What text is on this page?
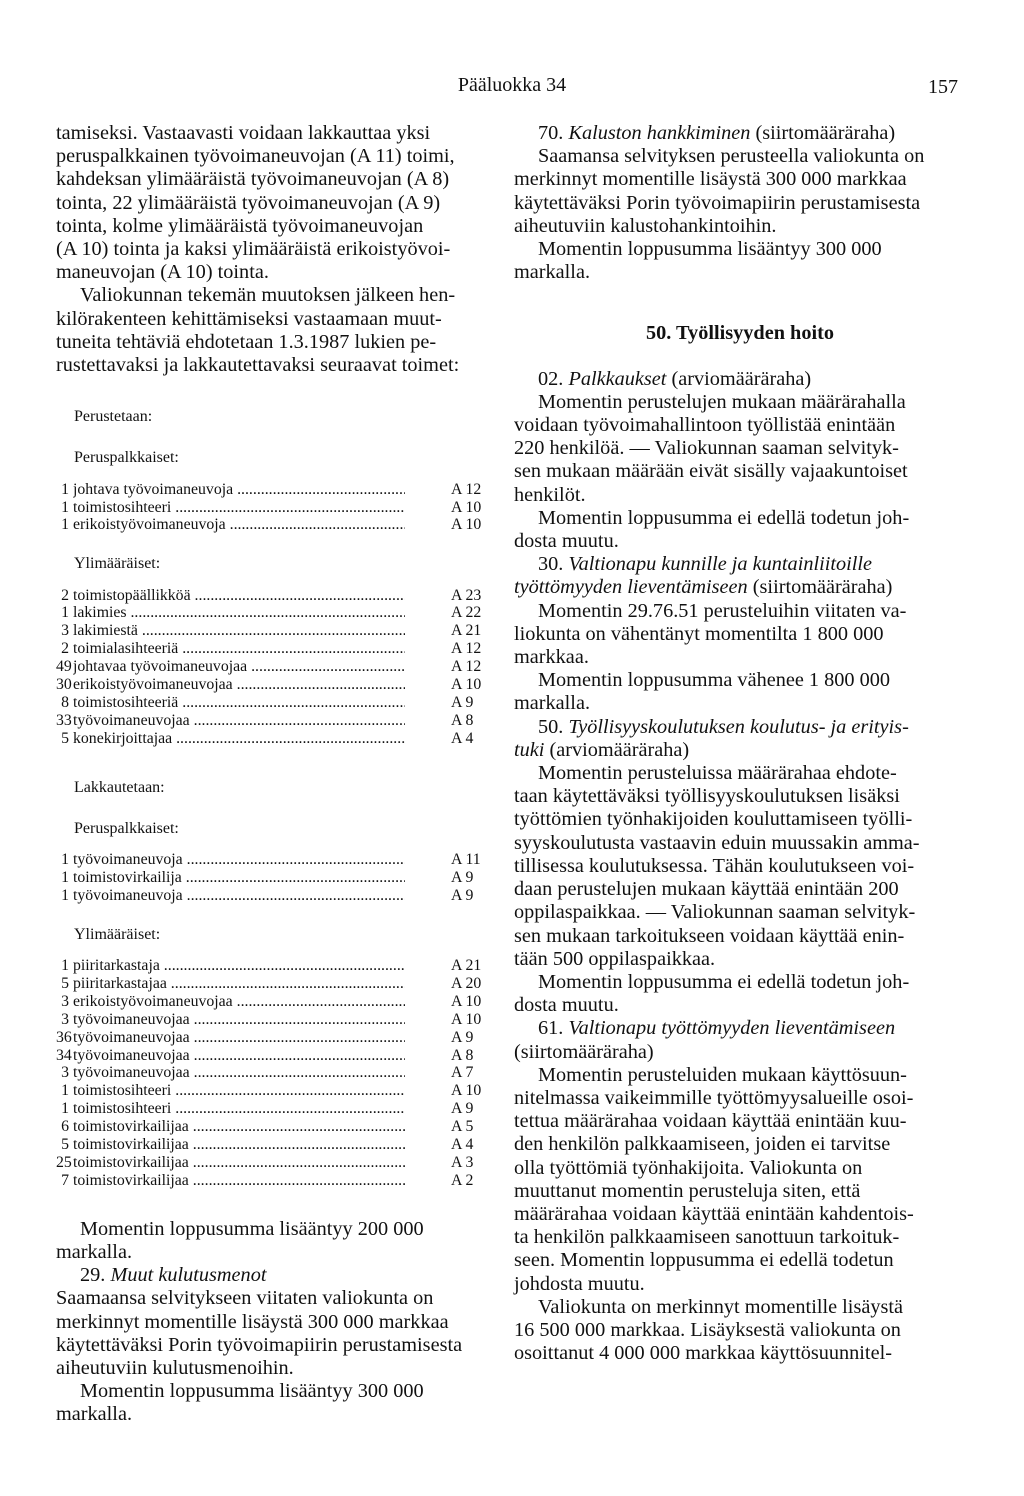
Pääluokka 34	157

tamiseksi. Vastaavasti voidaan lakkauttaa yksi

peruspalkkainen työvoimaneuvojan (A 11) toimi,

kahdeksan ylimääräistä työvoimaneuvojan (A 8)

tointa, 22 ylimääräistä työvoimaneuvojan (A 9)

tointa, kolme ylimääräistä työvoimaneuvojan

(A 10) tointa ja kaksi ylimääräistä erikoistyövoi-

maneuvojan (A 10) tointa.

Valiokunnan tekemän muutoksen jälkeen hen-

kilörakenteen kehittämiseksi vastaamaan muut-

tuneita tehtäviä ehdotetaan 1.3.1987 lukien pe-

rustettavaksi ja lakkautettavaksi seuraavat toimet:

Perustetaan:
Peruspalkkaiset:
1 johtava työvoimaneuvoja .....	A 12
1 toimistosihteeri .....	A 10
1 erikoistyövoimaneuvoja .....	A 10
Ylimääräiset:
2 toimistopäällikköä .....	A 23
1 lakimies .....	A 22
3 lakimiestä .....	A 21
2 toimialasihteeriä .....	A 12
49 johtavaa työvoimaneuvojaa .....	A 12
30 erikoistyövoimaneuvojaa .....	A 10
8 toimistosihteeriä .....	A 9
33 työvoimaneuvojaa .....	A 8
5 konekirjoittajaa .....	A 4
Lakkautetaan:
Peruspalkkaiset:
1 työvoimaneuvoja .....	A 11
1 toimistovirkailija .....	A 9
1 työvoimaneuvoja .....	A 9
Ylimääräiset:
1 piiritarkastaja .....	A 21
5 piiritarkastajaa .....	A 20
3 erikoistyövoimaneuvojaa .....	A 10
3 työvoimaneuvojaa .....	A 10
36 työvoimaneuvojaa .....	A 9
34 työvoimaneuvojaa .....	A 8
3 työvoimaneuvojaa .....	A 7
1 toimistosihteeri .....	A 10
1 toimistosihteeri .....	A 9
6 toimistovirkailijaa .....	A 5
5 toimistovirkailijaa .....	A 4
25 toimistovirkailijaa .....	A 3
7 toimistovirkailijaa .....	A 2

Momentin loppusumma lisääntyy 200 000

markalla.

29. Muut kulutusmenot

Saamaansa selvitykseen viitaten valiokunta on

merkinnyt momentille lisäystä 300 000 markkaa

käytettäväksi Porin työvoimapiirin perustamisesta

aiheutuviin kulutusmenoihin.

Momentin loppusumma lisääntyy 300 000

markalla.

70. Kaluston hankkiminen (siirtomääräraha)

Saamansa selvityksen perusteella valiokunta on

merkinnyt momentille lisäystä 300 000 markkaa

käytettäväksi Porin työvoimapiirin perustamisesta

aiheutuviin kalustohankintoihin.

Momentin loppusumma lisääntyy 300 000

markalla.

50. Työllisyyden hoito

02. Palkkaukset (arviomääräraha)

Momentin perustelujen mukaan määrärahalla

voidaan työvoimahallintoon työllistää enintään

220 henkilöä. — Valiokunnan saaman selvityk-

sen mukaan määrään eivät sisälly vajaakuntoiset

henkilöt.

Momentin loppusumma ei edellä todetun joh-

dosta muutu.

30. Valtionapu kunnille ja kuntainliitoille

työttömyyden lieventämiseen (siirtomääräraha)

Momentin 29.76.51 perusteluihin viitaten va-

liokunta on vähentänyt momentilta 1 800 000

markkaa.

Momentin loppusumma vähenee 1 800 000

markalla.

50. Työllisyyskoulutuksen koulutus- ja erityis-

tuki (arviomääräraha)

Momentin perusteluissa määrärahaa ehdote-

taan käytettäväksi työllisyyskoulutuksen lisäksi

työttömien työnhakijoiden kouluttamiseen työlli-

syyskoulutusta vastaavin eduin muussakin amma-

tillisessa koulutuksessa. Tähän koulutukseen voi-

daan perustelujen mukaan käyttää enintään 200

oppilaspaikkaa. — Valiokunnan saaman selvityk-

sen mukaan tarkoitukseen voidaan käyttää enin-

tään 500 oppilaspaikkaa.

Momentin loppusumma ei edellä todetun joh-

dosta muutu.

61. Valtionapu työttömyyden lieventämiseen

(siirtomääräraha)

Momentin perusteluiden mukaan käyttösuun-

nitelmassa vaikeimmille työttömyysalueille osoi-

tettua määrärahaa voidaan käyttää enintään kuu-

den henkilön palkkaamiseen, joiden ei tarvitse

olla työttömiä työnhakijoita. Valiokunta on

muuttanut momentin perusteluja siten, että

määrärahaa voidaan käyttää enintään kahdentois-

ta henkilön palkkaamiseen sanottuun tarkoituk-

seen. Momentin loppusumma ei edellä todetun

johdosta muutu.

Valiokunta on merkinnyt momentille lisäystä

16 500 000 markkaa. Lisäyksestä valiokunta on

osoittanut 4 000 000 markkaa käyttösuunnitel-
